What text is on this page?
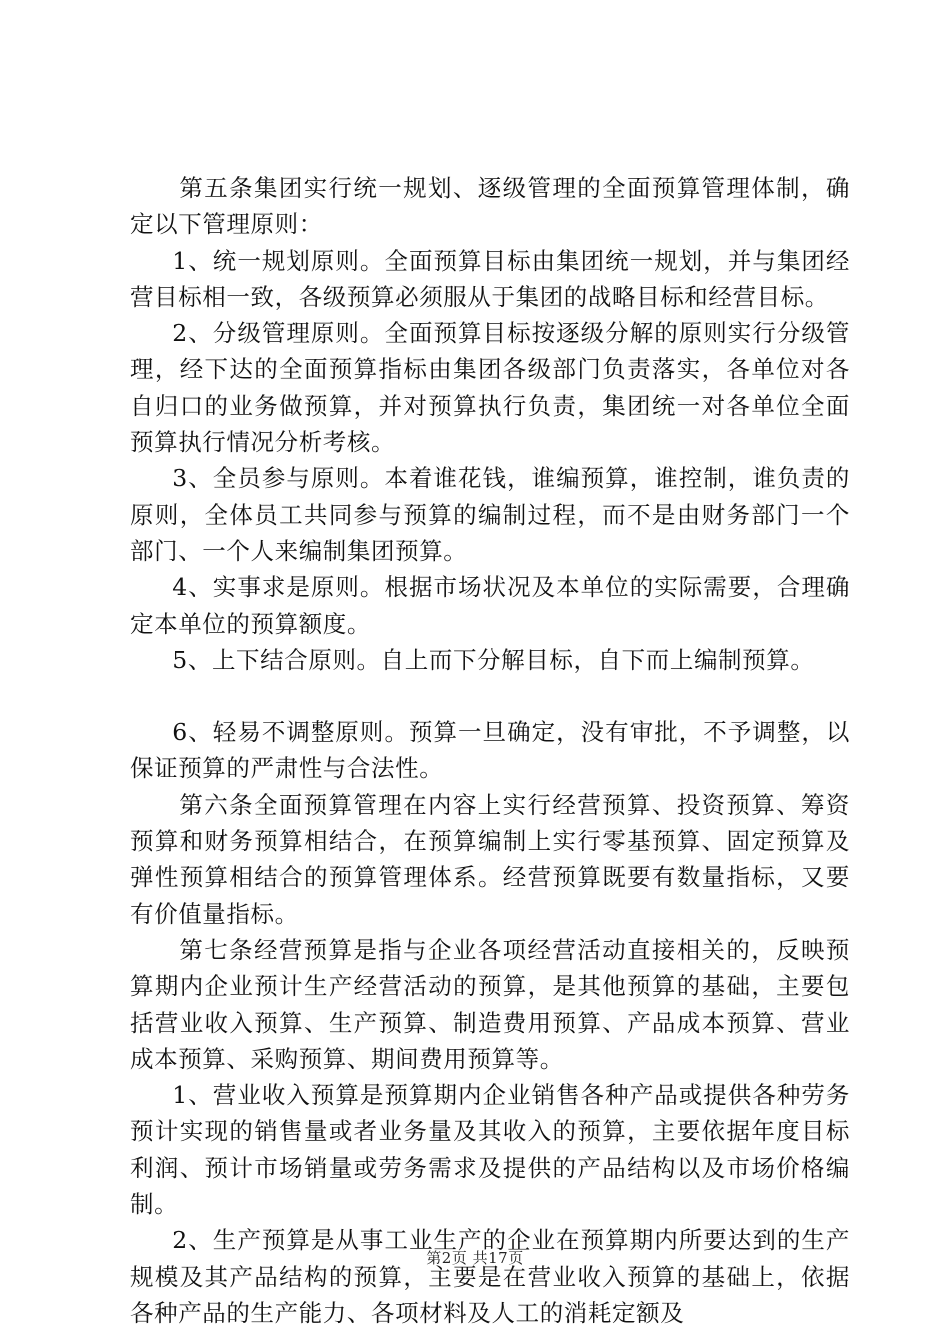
第五条集团实行统一规划、逐级管理的全面预算管理体制，确定以下管理原则：

1、统一规划原则。全面预算目标由集团统一规划，并与集团经营目标相一致，各级预算必须服从于集团的战略目标和经营目标。

2、分级管理原则。全面预算目标按逐级分解的原则实行分级管理，经下达的全面预算指标由集团各级部门负责落实，各单位对各自归口的业务做预算，并对预算执行负责，集团统一对各单位全面预算执行情况分析考核。

3、全员参与原则。本着谁花钱，谁编预算，谁控制，谁负责的原则，全体员工共同参与预算的编制过程，而不是由财务部门一个部门、一个人来编制集团预算。

4、实事求是原则。根据市场状况及本单位的实际需要，合理确定本单位的预算额度。

5、上下结合原则。自上而下分解目标，自下而上编制预算。

6、轻易不调整原则。预算一旦确定，没有审批，不予调整，以保证预算的严肃性与合法性。

第六条全面预算管理在内容上实行经营预算、投资预算、筹资预算和财务预算相结合，在预算编制上实行零基预算、固定预算及弹性预算相结合的预算管理体系。经营预算既要有数量指标，又要有价值量指标。

第七条经营预算是指与企业各项经营活动直接相关的，反映预算期内企业预计生产经营活动的预算，是其他预算的基础，主要包括营业收入预算、生产预算、制造费用预算、产品成本预算、营业成本预算、采购预算、期间费用预算等。

1、营业收入预算是预算期内企业销售各种产品或提供各种劳务预计实现的销售量或者业务量及其收入的预算，主要依据年度目标利润、预计市场销量或劳务需求及提供的产品结构以及市场价格编制。

2、生产预算是从事工业生产的企业在预算期内所要达到的生产规模及其产品结构的预算，主要是在营业收入预算的基础上，依据各种产品的生产能力、各项材料及人工的消耗定额及

第2页 共17页
